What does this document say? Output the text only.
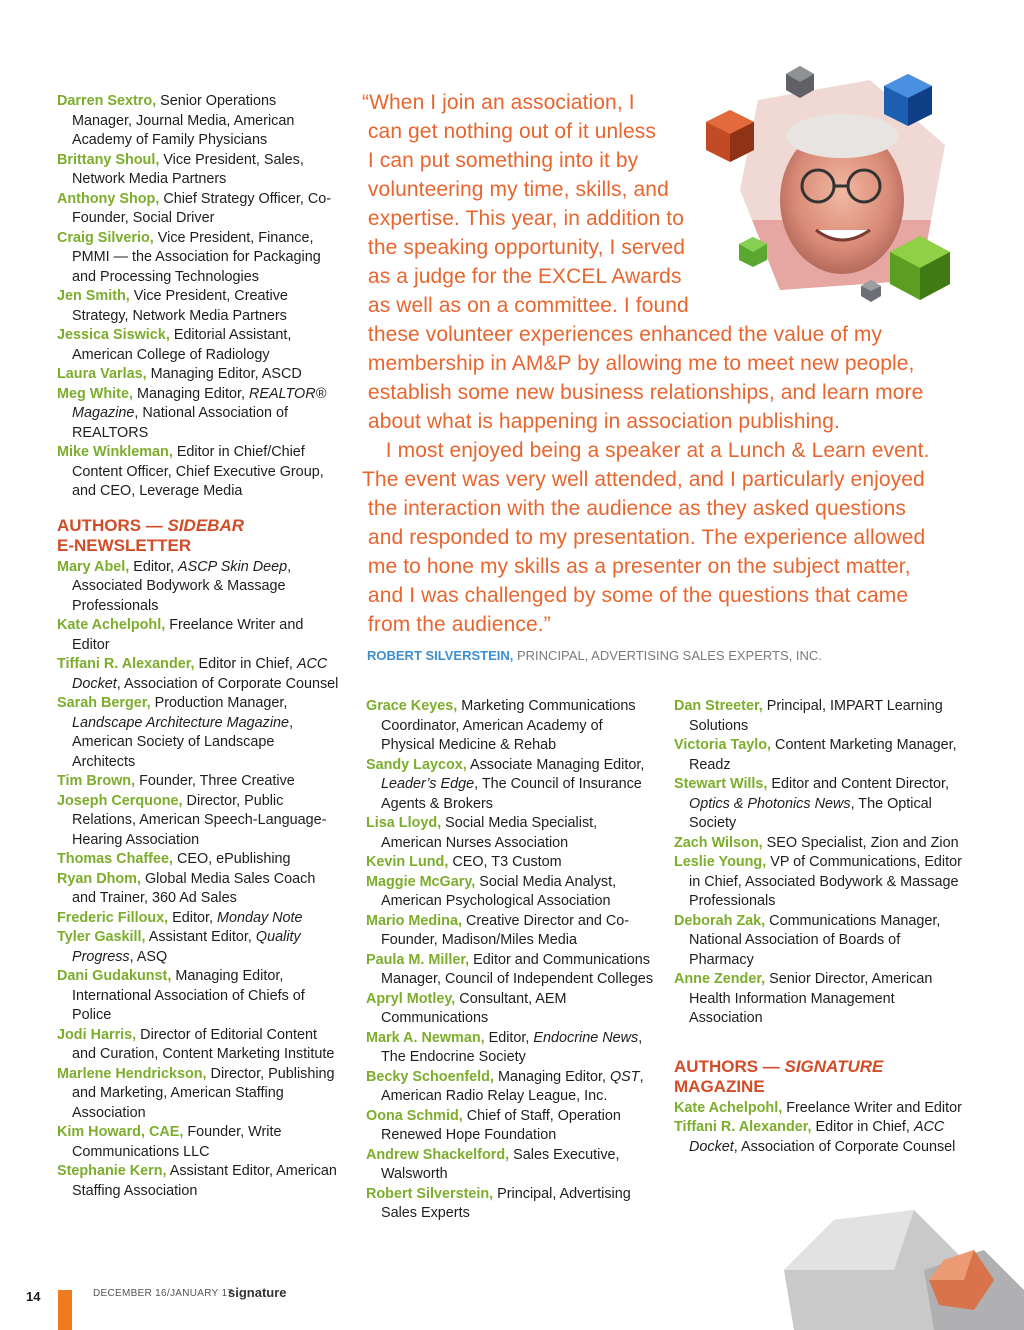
Darren Sextro, Senior Operations Manager, Journal Media, American Academy of Family Physicians
Brittany Shoul, Vice President, Sales, Network Media Partners
Anthony Shop, Chief Strategy Officer, Co-Founder, Social Driver
Craig Silverio, Vice President, Finance, PMMI — the Association for Packaging and Processing Technologies
Jen Smith, Vice President, Creative Strategy, Network Media Partners
Jessica Siswick, Editorial Assistant, American College of Radiology
Laura Varlas, Managing Editor, ASCD
Meg White, Managing Editor, REALTOR® Magazine, National Association of REALTORS
Mike Winkleman, Editor in Chief/Chief Content Officer, Chief Executive Group, and CEO, Leverage Media
AUTHORS — SIDEBAR
E-NEWSLETTER
Mary Abel, Editor, ASCP Skin Deep, Associated Bodywork & Massage Professionals
Kate Achelpohl, Freelance Writer and Editor
Tiffani R. Alexander, Editor in Chief, ACC Docket, Association of Corporate Counsel
Sarah Berger, Production Manager, Landscape Architecture Magazine, American Society of Landscape Architects
Tim Brown, Founder, Three Creative
Joseph Cerquone, Director, Public Relations, American Speech-Language-Hearing Association
Thomas Chaffee, CEO, ePublishing
Ryan Dhom, Global Media Sales Coach and Trainer, 360 Ad Sales
Frederic Filloux, Editor, Monday Note
Tyler Gaskill, Assistant Editor, Quality Progress, ASQ
Dani Gudakunst, Managing Editor, International Association of Chiefs of Police
Jodi Harris, Director of Editorial Content and Curation, Content Marketing Institute
Marlene Hendrickson, Director, Publishing and Marketing, American Staffing Association
Kim Howard, CAE, Founder, Write Communications LLC
Stephanie Kern, Assistant Editor, American Staffing Association
“When I join an association, I
can get nothing out of it unless
I can put something into it by
volunteering my time, skills, and
expertise. This year, in addition to
the speaking opportunity, I served
as a judge for the EXCEL Awards
as well as on a committee. I found
these volunteer experiences enhanced the value of my
membership in AM&P by allowing me to meet new people,
establish some new business relationships, and learn more
about what is happening in association publishing.
I most enjoyed being a speaker at a Lunch & Learn event.
The event was very well attended, and I particularly enjoyed
the interaction with the audience as they asked questions
and responded to my presentation. The experience allowed
me to hone my skills as a presenter on the subject matter,
and I was challenged by some of the questions that came
from the audience.”
ROBERT SILVERSTEIN, PRINCIPAL, ADVERTISING SALES EXPERTS, INC.
Grace Keyes, Marketing Communications Coordinator, American Academy of Physical Medicine & Rehab
Sandy Laycox, Associate Managing Editor, Leader’s Edge, The Council of Insurance Agents & Brokers
Lisa Lloyd, Social Media Specialist, American Nurses Association
Kevin Lund, CEO, T3 Custom
Maggie McGary, Social Media Analyst, American Psychological Association
Mario Medina, Creative Director and Co-Founder, Madison/Miles Media
Paula M. Miller, Editor and Communications Manager, Council of Independent Colleges
Apryl Motley, Consultant, AEM Communications
Mark A. Newman, Editor, Endocrine News, The Endocrine Society
Becky Schoenfeld, Managing Editor, QST, American Radio Relay League, Inc.
Oona Schmid, Chief of Staff, Operation Renewed Hope Foundation
Andrew Shackelford, Sales Executive, Walsworth
Robert Silverstein, Principal, Advertising Sales Experts
Dan Streeter, Principal, IMPART Learning Solutions
Victoria Taylo, Content Marketing Manager, Readz
Stewart Wills, Editor and Content Director, Optics & Photonics News, The Optical Society
Zach Wilson, SEO Specialist, Zion and Zion
Leslie Young, VP of Communications, Editor in Chief, Associated Bodywork & Massage Professionals
Deborah Zak, Communications Manager, National Association of Boards of Pharmacy
Anne Zender, Senior Director, American Health Information Management Association
AUTHORS — SIGNATURE
MAGAZINE
Kate Achelpohl, Freelance Writer and Editor
Tiffani R. Alexander, Editor in Chief, ACC Docket, Association of Corporate Counsel
14	DECEMBER 16/JANUARY 17
signature
